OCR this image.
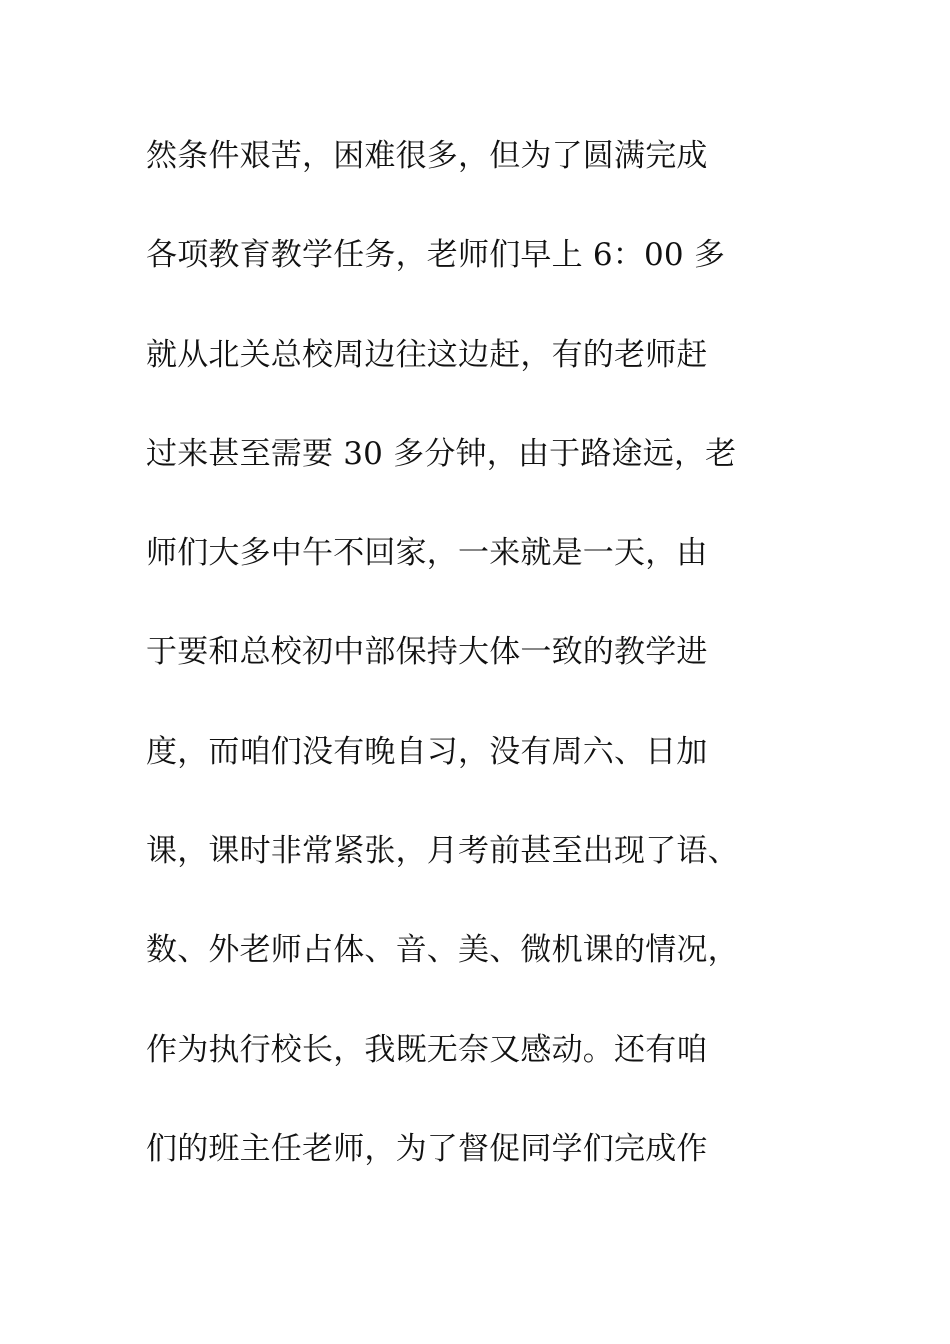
然条件艰苦，困难很多，但为了圆满完成
各项教育教学任务，老师们早上 6：00 多
就从北关总校周边往这边赶，有的老师赶
过来甚至需要 30 多分钟，由于路途远，老
师们大多中午不回家，一来就是一天，由
于要和总校初中部保持大体一致的教学进
度，而咱们没有晚自习，没有周六、日加
课，课时非常紧张，月考前甚至出现了语、
数、外老师占体、音、美、微机课的情况，
作为执行校长，我既无奈又感动。还有咱
们的班主任老师，为了督促同学们完成作
